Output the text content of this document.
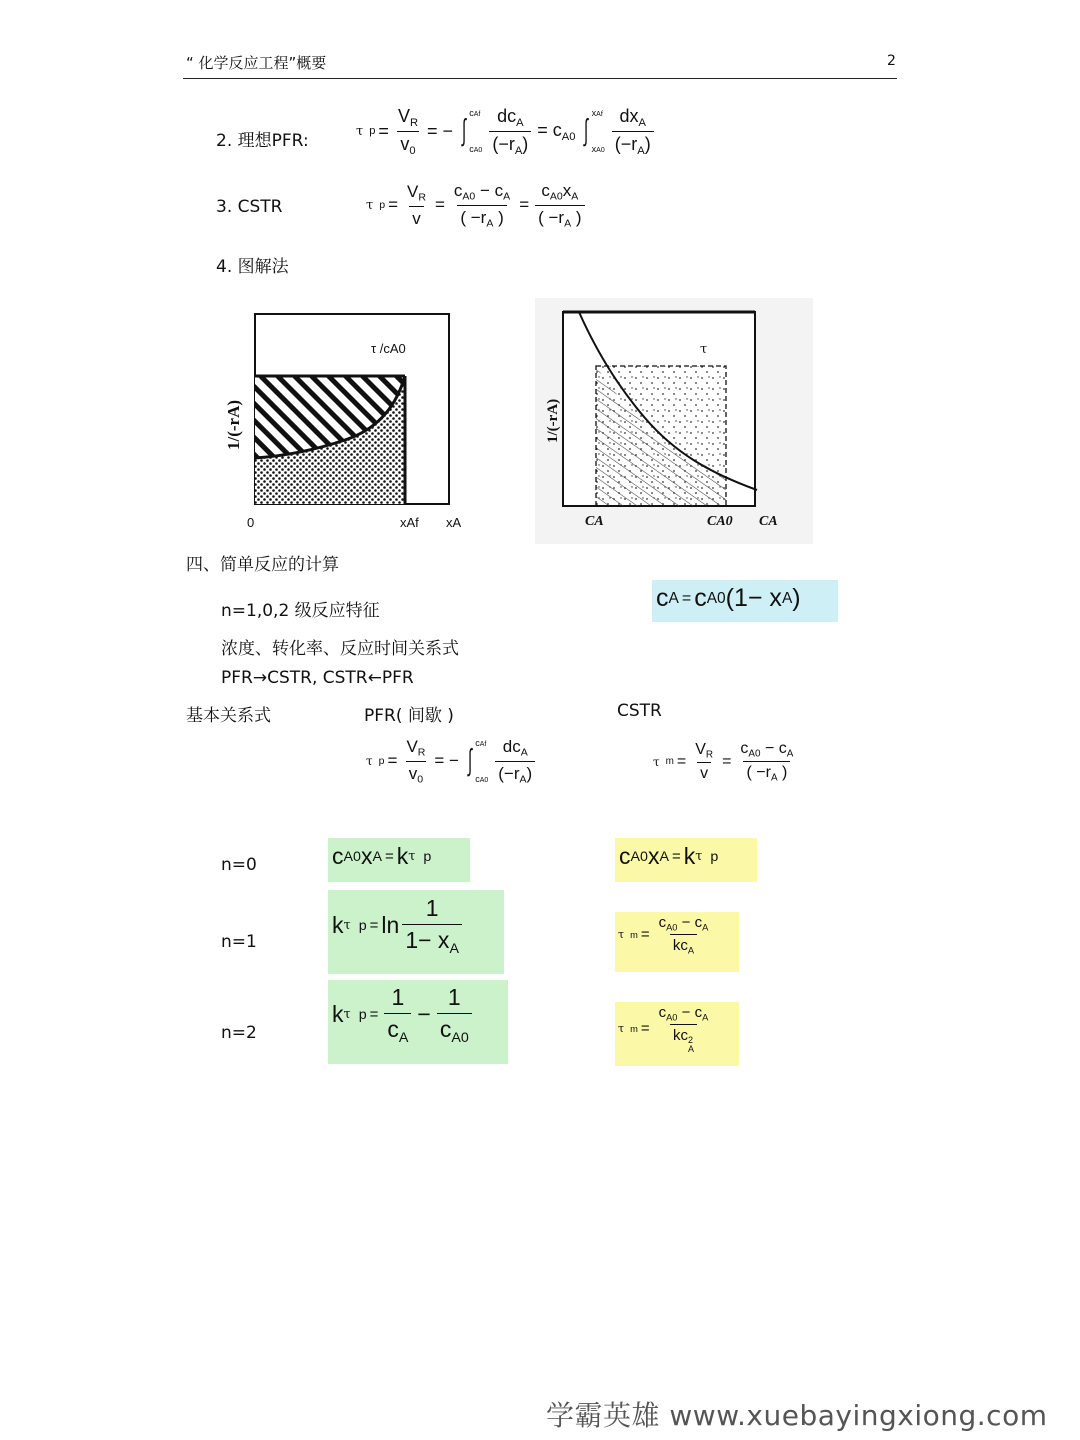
“ 化学反应工程”概要	2
2. 理想PFR:	τ $p = \frac{V_R}{v_0}$ = − ∫
cAf
$cA0 \frac{dc_A}{(-r_A)} = c_{A0}$ ∫
xAf
$xA0 \frac{dx_A}{(-r_A)}$
3. CSTR	τ $p = \frac{V_R}{v} = \frac{c_{A0} - c_A}{( -r_A )} = \frac{c_{A0}x_A}{( -r_A )}$
4. 图解法
1/(-rA)
τ /cA0
0	xAf xA
1/(-rA)
τ
CA	CA0 CA
四、简单反应的计算
n=1,0,2 级反应特征	c A = c A0 (1− x A )
浓度、转化率、反应时间关系式
PFR→CSTR, CSTR←PFR
基本关系式	PFR( 间歇 )	CSTR
τ $p = \frac{V_R}{v_0}$ = − ∫
cAf
$cA0 \frac{dc_A}{(-r_A)}$	τ $m = \frac{V_R}{v} = \frac{c_{A0} - c_A}{( -r_A )}$
n=0	c A0 x A = k τ p	c A0 x A = k τ p
n=1
k τ $p = \ln \frac{1}{1- x_A}$	τ $m = \frac{c_{A0} - c_A}{kc_A}$
n=2
k τ $p = \frac{1}{c_A} - \frac{1}{c_{A0}}$	τ $m = c_{A0} - c_A$
kc 2
A
学霸英雄 www.xuebayingxiong.com
